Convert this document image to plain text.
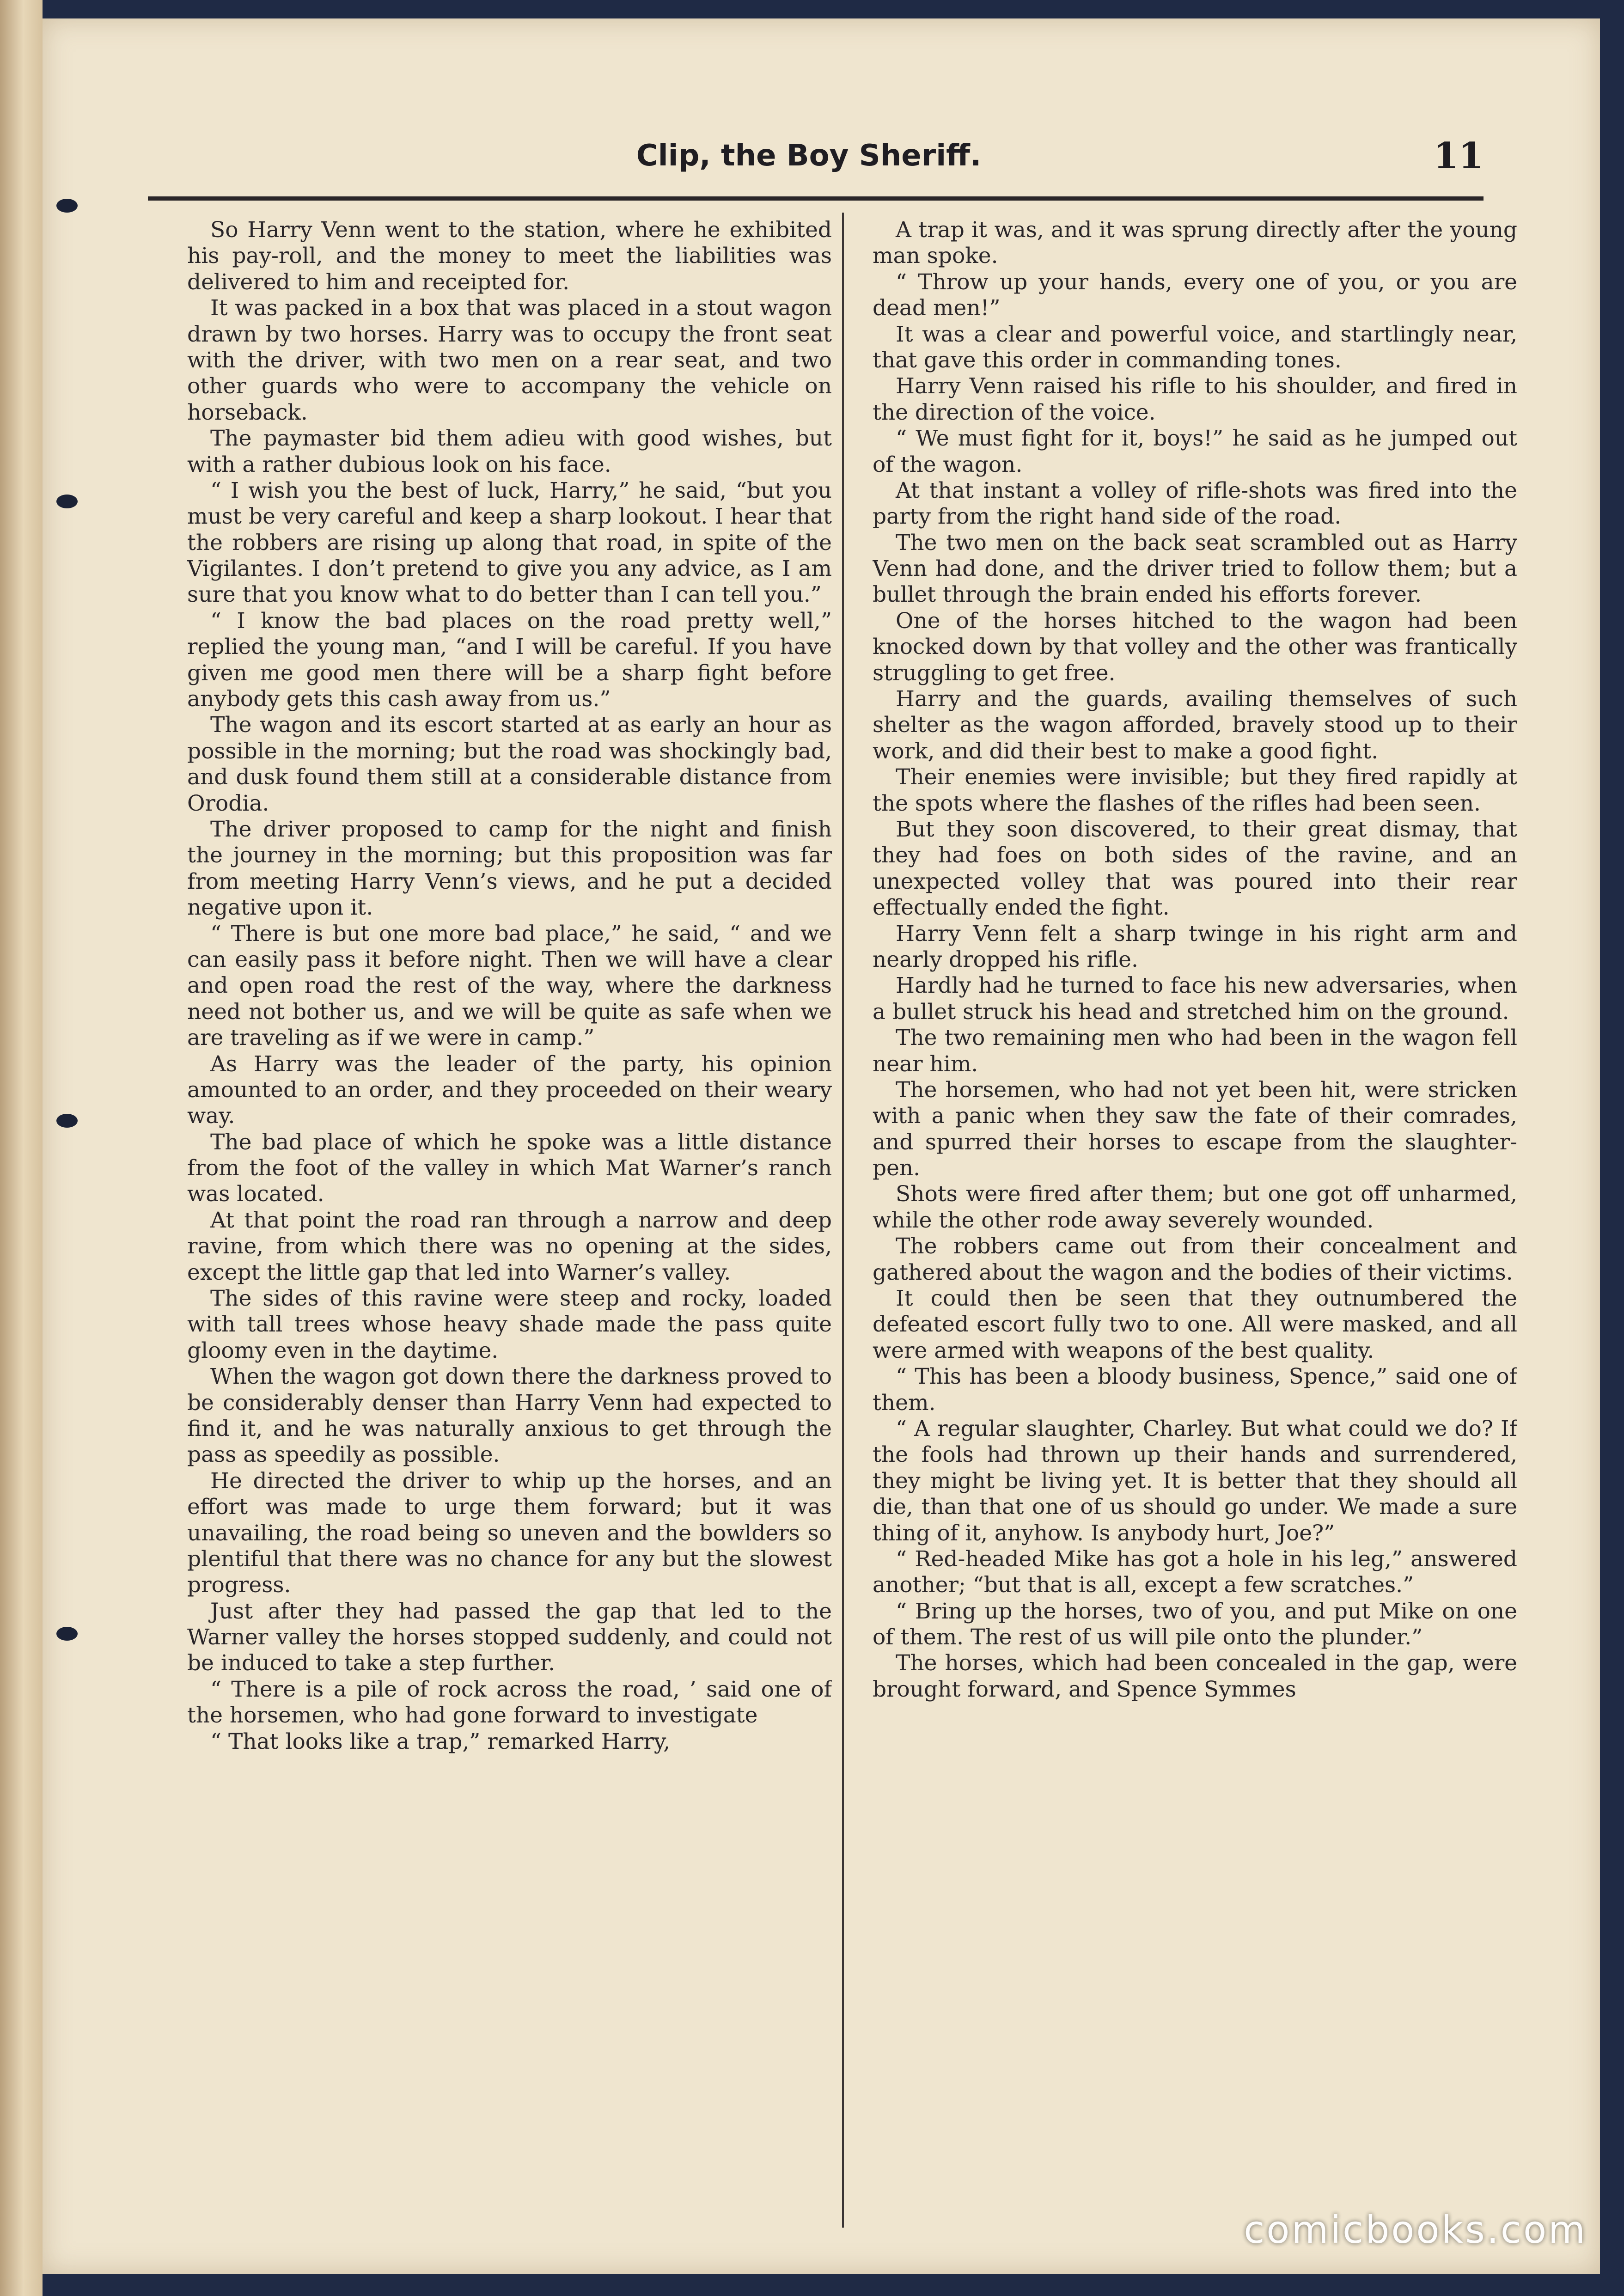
Clip, the Boy Sheriff.	11

So Harry Venn went to the station, where he exhibited his pay-roll, and the money to meet the liabilities was delivered to him and receipted for.

It was packed in a box that was placed in a stout wagon drawn by two horses. Harry was to occupy the front seat with the driver, with two men on a rear seat, and two other guards who were to accompany the vehicle on horseback.

The paymaster bid them adieu with good wishes, but with a rather dubious look on his face.

“ I wish you the best of luck, Harry,” he said, “but you must be very careful and keep a sharp lookout. I hear that the robbers are rising up along that road, in spite of the Vigilantes. I don’t pretend to give you any advice, as I am sure that you know what to do better than I can tell you.”

“ I know the bad places on the road pretty well,” replied the young man, “and I will be careful. If you have given me good men there will be a sharp fight before anybody gets this cash away from us.”

The wagon and its escort started at as early an hour as possible in the morning; but the road was shockingly bad, and dusk found them still at a considerable distance from Orodia.

The driver proposed to camp for the night and finish the journey in the morning; but this proposition was far from meeting Harry Venn’s views, and he put a decided negative upon it.

“ There is but one more bad place,” he said, “ and we can easily pass it before night. Then we will have a clear and open road the rest of the way, where the darkness need not bother us, and we will be quite as safe when we are traveling as if we were in camp.”

As Harry was the leader of the party, his opinion amounted to an order, and they proceeded on their weary way.

The bad place of which he spoke was a little distance from the foot of the valley in which Mat Warner’s ranch was located.

At that point the road ran through a narrow and deep ravine, from which there was no opening at the sides, except the little gap that led into Warner’s valley.

The sides of this ravine were steep and rocky, loaded with tall trees whose heavy shade made the pass quite gloomy even in the daytime.

When the wagon got down there the darkness proved to be considerably denser than Harry Venn had expected to find it, and he was naturally anxious to get through the pass as speedily as possible.

He directed the driver to whip up the horses, and an effort was made to urge them forward; but it was unavailing, the road being so uneven and the bowlders so plentiful that there was no chance for any but the slowest progress.

Just after they had passed the gap that led to the Warner valley the horses stopped suddenly, and could not be induced to take a step further.

“ There is a pile of rock across the road, ’ said one of the horsemen, who had gone forward to investigate

“ That looks like a trap,” remarked Harry,

A trap it was, and it was sprung directly after the young man spoke.

“ Throw up your hands, every one of you, or you are dead men!”

It was a clear and powerful voice, and startlingly near, that gave this order in commanding tones.

Harry Venn raised his rifle to his shoulder, and fired in the direction of the voice.

“ We must fight for it, boys!” he said as he jumped out of the wagon.

At that instant a volley of rifle-shots was fired into the party from the right hand side of the road.

The two men on the back seat scrambled out as Harry Venn had done, and the driver tried to follow them; but a bullet through the brain ended his efforts forever.

One of the horses hitched to the wagon had been knocked down by that volley and the other was frantically struggling to get free.

Harry and the guards, availing themselves of such shelter as the wagon afforded, bravely stood up to their work, and did their best to make a good fight.

Their enemies were invisible; but they fired rapidly at the spots where the flashes of the rifles had been seen.

But they soon discovered, to their great dismay, that they had foes on both sides of the ravine, and an unexpected volley that was poured into their rear effectually ended the fight.

Harry Venn felt a sharp twinge in his right arm and nearly dropped his rifle.

Hardly had he turned to face his new adversaries, when a bullet struck his head and stretched him on the ground.

The two remaining men who had been in the wagon fell near him.

The horsemen, who had not yet been hit, were stricken with a panic when they saw the fate of their comrades, and spurred their horses to escape from the slaughter-pen.

Shots were fired after them; but one got off unharmed, while the other rode away severely wounded.

The robbers came out from their concealment and gathered about the wagon and the bodies of their victims.

It could then be seen that they outnumbered the defeated escort fully two to one. All were masked, and all were armed with weapons of the best quality.

“ This has been a bloody business, Spence,” said one of them.

“ A regular slaughter, Charley. But what could we do? If the fools had thrown up their hands and surrendered, they might be living yet. It is better that they should all die, than that one of us should go under. We made a sure thing of it, anyhow. Is anybody hurt, Joe?”

“ Red-headed Mike has got a hole in his leg,” answered another; “but that is all, except a few scratches.”

“ Bring up the horses, two of you, and put Mike on one of them. The rest of us will pile onto the plunder.”

The horses, which had been concealed in the gap, were brought forward, and Spence Symmes

comicbooks.com
